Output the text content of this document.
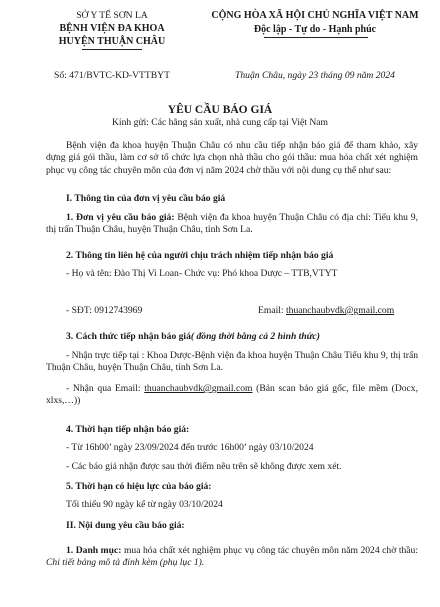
SỞ Y TẾ SƠN LA
BỆNH VIỆN ĐA KHOA
HUYỆN THUẬN CHÂU
Số: 471/BVTC-KD-VTTBYT
CỘNG HÒA XÃ HỘI CHỦ NGHĨA VIỆT NAM
Độc lập - Tự do - Hạnh phúc
Thuận Châu, ngày 23 tháng 09 năm 2024
YÊU CẦU BÁO GIÁ
Kính gửi: Các hãng sản xuất, nhà cung cấp tại Việt Nam
Bệnh viện đa khoa huyện Thuận Châu có nhu cầu tiếp nhận báo giá để tham khảo, xây dựng giá gói thầu, làm cơ sở tổ chức lựa chọn nhà thầu cho gói thầu: mua hóa chất xét nghiệm phục vụ công tác chuyên môn của đơn vị năm 2024 chờ thầu với nội dung cụ thể như sau:
I. Thông tin của đơn vị yêu cầu báo giá
1. Đơn vị yêu cầu báo giá: Bệnh viện đa khoa huyện Thuận Châu có địa chỉ: Tiểu khu 9, thị trấn Thuận Châu, huyện Thuận Châu, tỉnh Sơn La.
2. Thông tin liên hệ của người chịu trách nhiệm tiếp nhận báo giá
- Họ và tên: Đào Thị Vi Loan- Chức vụ: Phó khoa Dược – TTB,VTYT
- SĐT: 0912743969	Email: thuanchaubvdk@gmail.com
3. Cách thức tiếp nhận báo giá( đồng thời bằng cả 2 hình thức)
- Nhận trực tiếp tại : Khoa Dược-Bệnh viện đa khoa huyện Thuận Châu Tiểu khu 9, thị trấn Thuận Châu, huyện Thuận Châu, tỉnh Sơn La.
- Nhận qua Email: thuanchaubvdk@gmail.com (Bản scan báo giá gốc, file mềm (Docx, xlxs,…))
4. Thời hạn tiếp nhận báo giá:
- Từ 16h00’ ngày 23/09/2024 đến trước 16h00’ ngày 03/10/2024
- Các báo giá nhận được sau thời điểm nêu trên sẽ không được xem xét.
5. Thời hạn có hiệu lực của báo giá:
Tối thiểu 90 ngày kể từ ngày 03/10/2024
II. Nội dung yêu cầu báo giá:
1. Danh mục: mua hóa chất xét nghiệm phục vụ công tác chuyên môn năm 2024 chờ thầu: Chi tiết bảng mô tả đính kèm (phụ lục 1).
